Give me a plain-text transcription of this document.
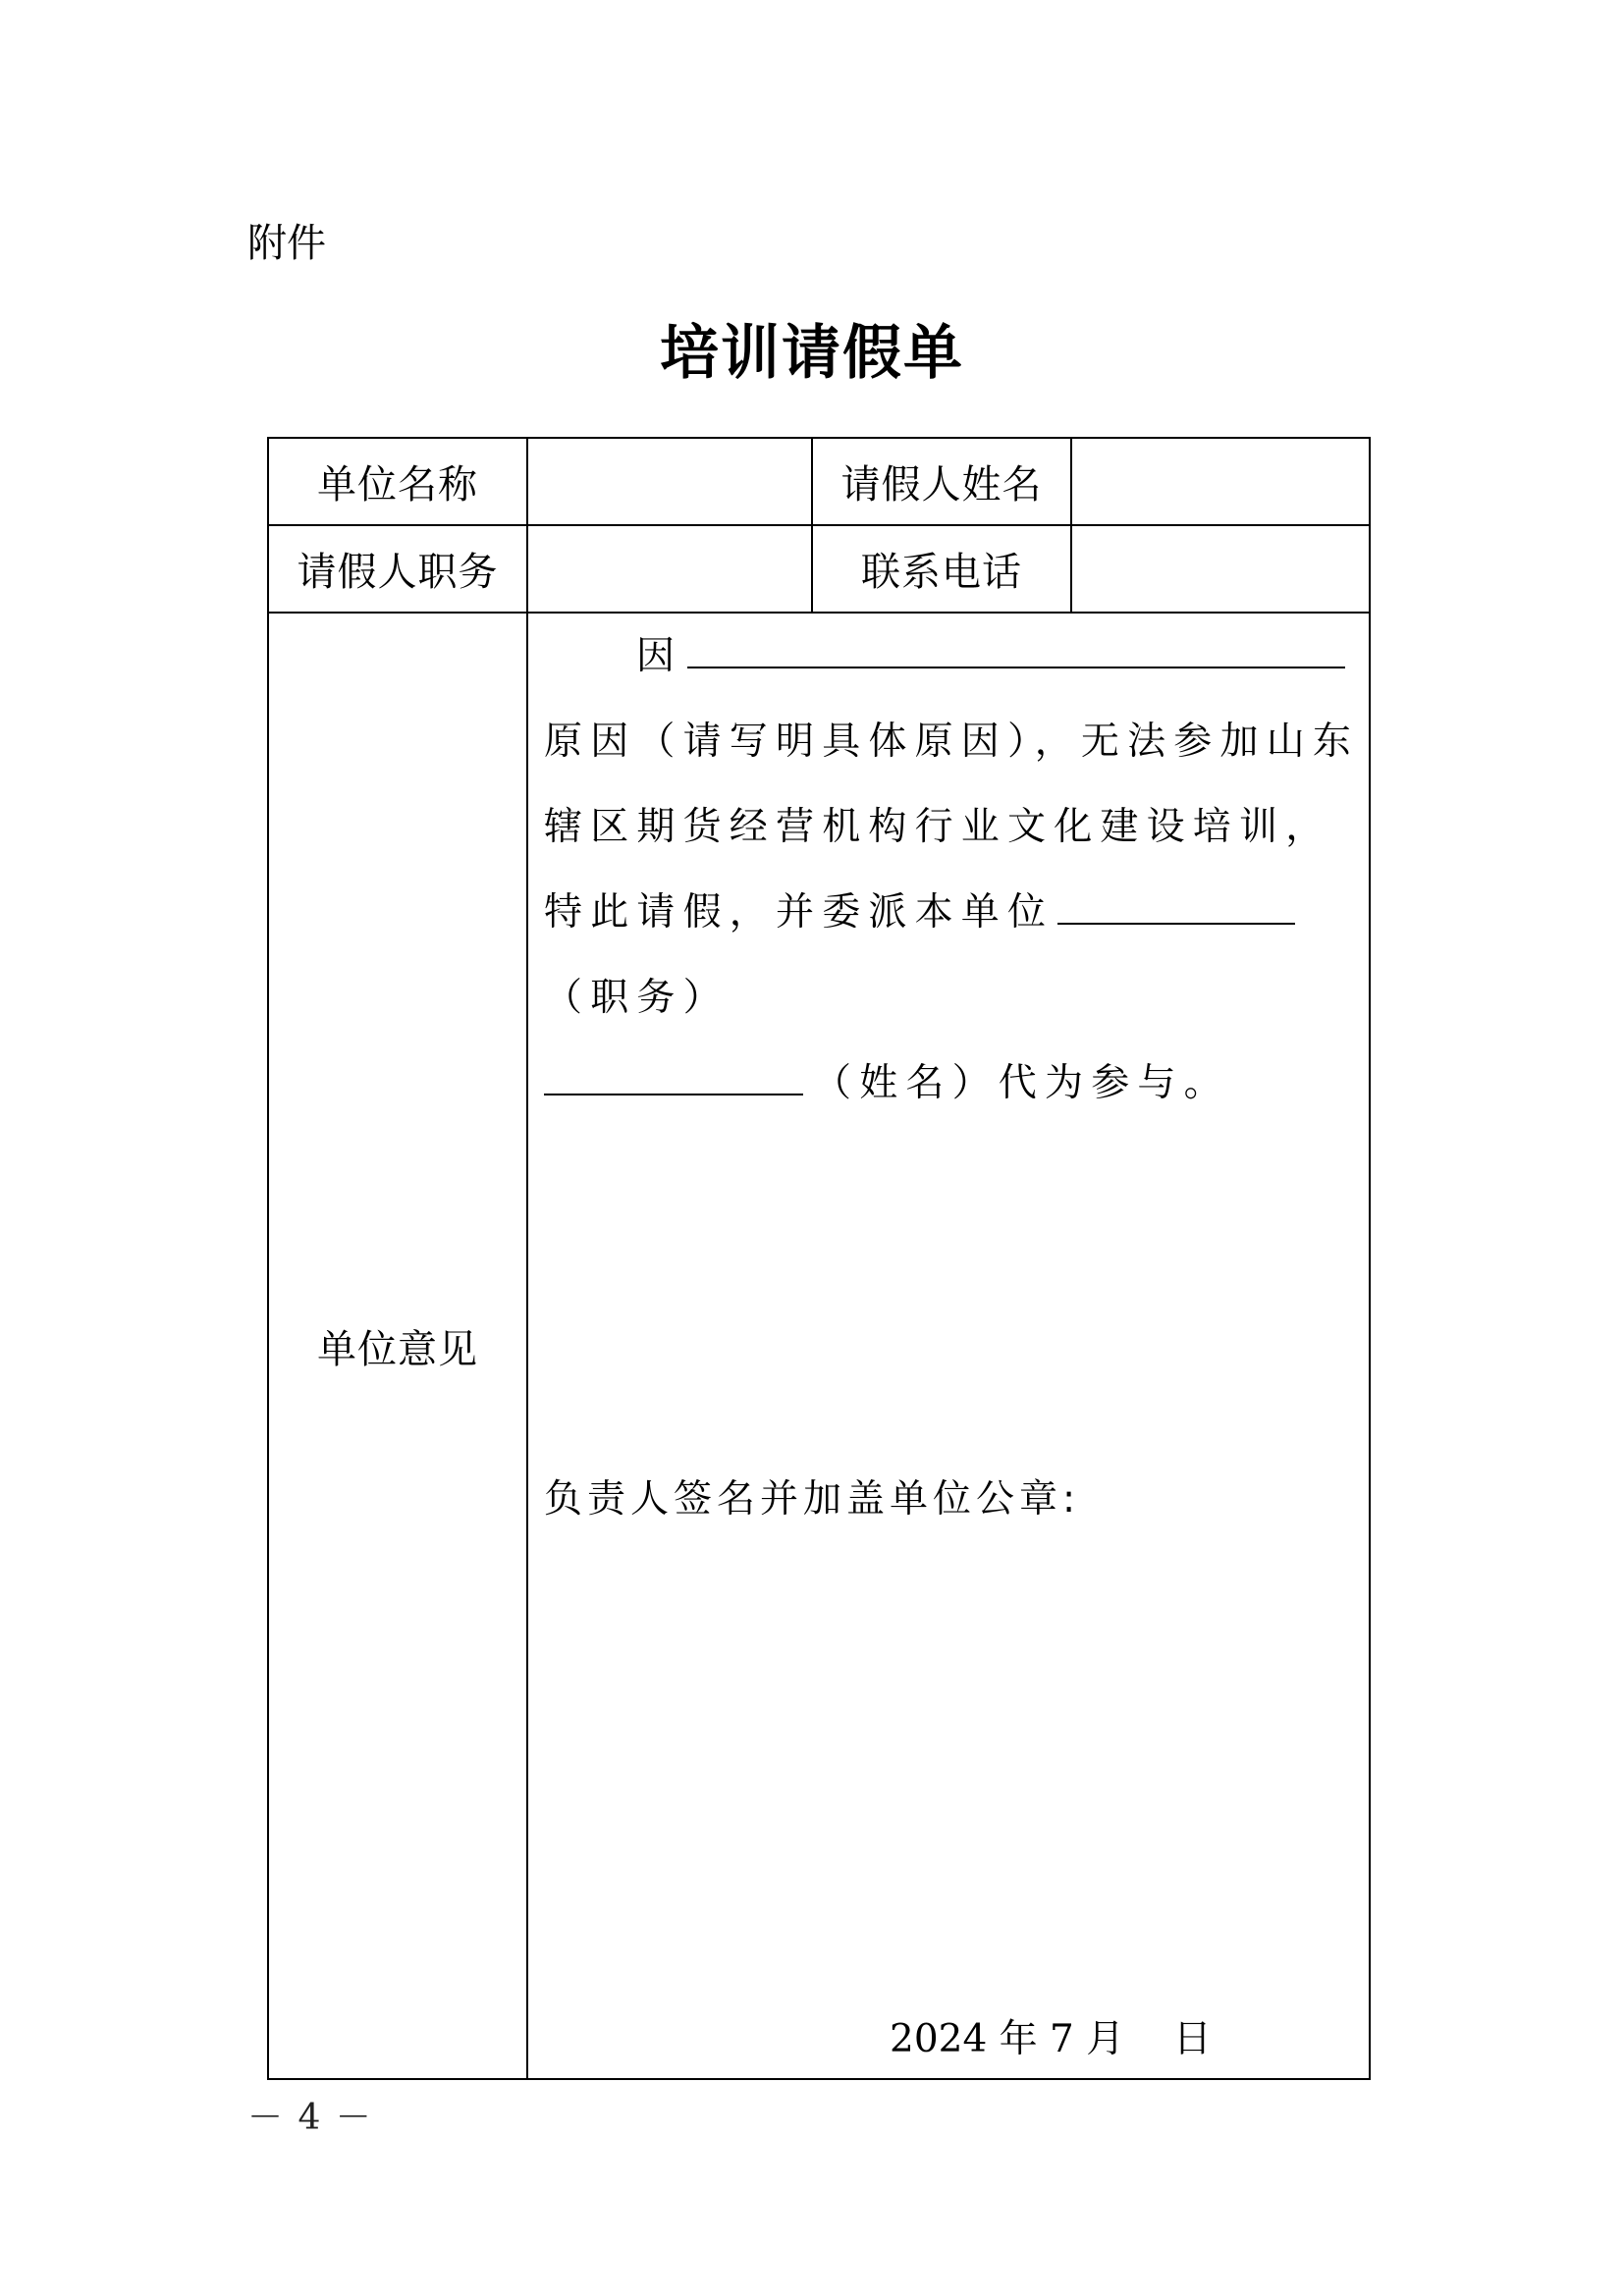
附件
培训请假单
单位名称		请假人姓名	
请假人职务		联系电话	
单位意见	因
原因（请写明具体原因），无法参加山东辖区期货经营机构行业文化建设培训，特此请假，并委派本单位（职务）
（姓名）代为参与。
负责人签名并加盖单位公章:
2024 年 7 月    日		
－ 4 －
